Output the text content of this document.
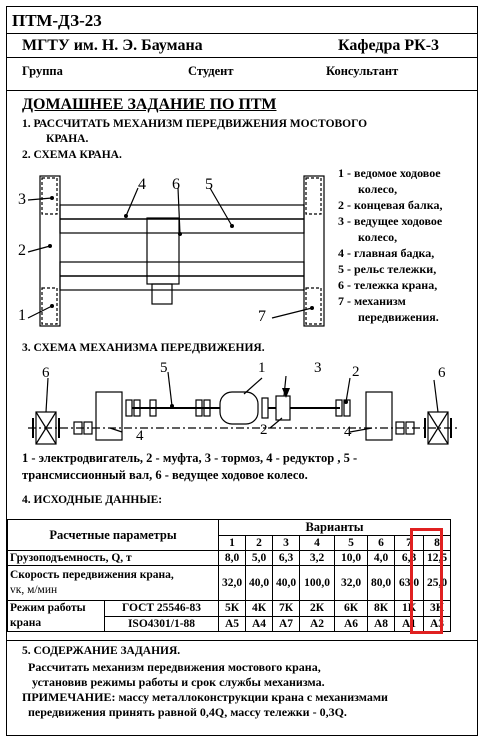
ПТМ-ДЗ-23
МГТУ им. Н. Э. Баумана	Кафедра РК-3
Группа	Студент	Консультант
ДОМАШНЕЕ ЗАДАНИЕ ПО ПТМ
1. РАССЧИТАТЬ МЕХАНИЗМ ПЕРЕДВИЖЕНИЯ МОСТОВОГО
КРАНА.
2. СХЕМА КРАНА.
3
2
1
4 6 5
7
1 - ведомое ходовое
колесо,
2 - концевая балка,
3 - ведущее ходовое
колесо,
4 - главная бадка,
5 - рельс тележки,
6 - тележка крана,
7 - механизм
передвижения.
3. СХЕМА МЕХАНИЗМА ПЕРЕДВИЖЕНИЯ.
6	5	1	3 2	6
4	2	4
1 - электродвигатель, 2 - муфта, 3 - тормоз, 4 - редуктор , 5 -
трансмиссионный вал, 6 - ведущее ходовое колесо.
4. ИСХОДНЫЕ ДАННЫЕ:
Расчетные параметры		Варианты							
		1	2	3	4	5	6	7	8
Грузоподъемность, Q, т		8,0	5,0	6,3	3,2	10,0	4,0	6,3	12,5
Скорость передвижения крана,
vк, м/мин		32,0	40,0	40,0	100,0	32,0	80,0	63,0	25,0
Режим работы
крана	ГОСТ 25546-83	5К	4К	7К	2К	6К	8К	1К	3К
	ISO4301/1-88	А5	А4	А7	А2	А6	А8	А1	А3
5. СОДЕРЖАНИЕ ЗАДАНИЯ.
Рассчитать механизм передвижения мостового крана,
установив режимы работы и срок службы механизма.
ПРИМЕЧАНИЕ: массу металлоконструкции крана с механизмами
передвижения принять равной 0,4Q, массу тележки - 0,3Q.
